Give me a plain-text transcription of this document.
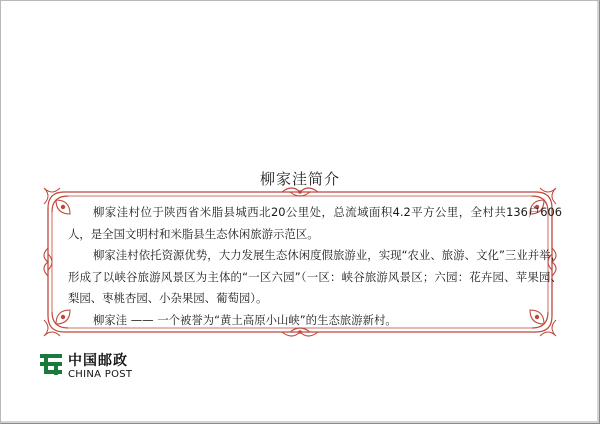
柳家洼简介

柳家洼村位于陕西省米脂县城西北20公里处，总流域面积4.2平方公里，全村共136户606人，是全国文明村和米脂县生态休闲旅游示范区。

柳家洼村依托资源优势，大力发展生态休闲度假旅游业，实现“农业、旅游、文化”三业并举，形成了以峡谷旅游风景区为主体的“一区六园”（一区：峡谷旅游风景区；六园：花卉园、苹果园、梨园、枣桃杏园、小杂果园、葡萄园）。

柳家洼 —— 一个被誉为“黄土高原小山峡”的生态旅游新村。

中国邮政
CHINA POST
